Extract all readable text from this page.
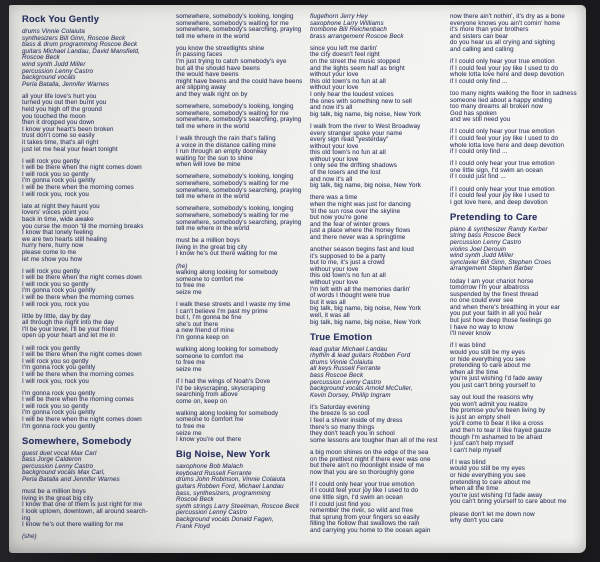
Rock You Gently
drums Vinnie Colaiuta
synthesizers Bill Ginn, Roscoe Beck
bass & drum programming Roscoe Beck
guitars Michael Landau, David Mansfield,
Roscoe Beck
wind synth Judd Miller
percussion Lenny Castro
background vocals
Perla Batalla, Jennifer Warnes
all your life love's hurt you
turned you out then burnt you
held you high off the ground
you touched the moon
then it dropped you down
I know your heart's been broken
trust don't come so easily
it takes time, that's all right
just let me heal your heart tonight
I will rock you gently
I will be there when the night comes down
I will rock you so gently
I'm gonna rock you gently
I will be there when the morning comes
I will rock you, rock you
late at night they haunt you
lovers' voices point you
back in time, wide awake
you curse the moon 'til the morning breaks
I know that lonely feeling
we are two hearts still healing
hurry here, hurry now
please come to me
let me show you how
I will rock you gently
I will be there when the night comes down
I will rock you so gently
I'm gonna rock you gently
I will be there when the morning comes
I will rock you, rock you
little by little, day by day
all through the night into the day
I'll be your lover, I'll be your friend
open up your heart and let me in
I will rock you gently
I will be there when the night comes down
I will rock you so gently
I'm gonna rock you gently
I will be there when the morning comes
I will rock you, rock you
I'm gonna rock you gently
I will be there when the morning comes
I will rock you so gently
I'm gonna rock you gently
I will be there when the night comes down
I'm gonna rock you gently
Somewhere, Somebody
guest duet vocal Max Carl
bass Jorge Calderon
percussion Lenny Castro
background vocals Max Carl,
Perla Batalla and Jennifer Warnes
must be a million boys
living in the great big city
I know that one of them is just right for me
I look uptown, downtown, all around search-
ing
I know he's out there waiting for me
(she)
somewhere, somebody's looking, longing
somewhere, somebody's waiting for me
somewhere, somebody's searching, praying
tell me where in the world
you know the streetlights shine
in passing faces
I'm just trying to catch somebody's eye
but all the should have beens
the would have beens
might have beens and the could have beens
are slipping away
and they walk right on by
somewhere, somebody's looking, longing
somewhere, somebody's waiting for me
somewhere, somebody's searching, praying
tell me where in the world
I walk through the rain that's falling
a voice in the distance calling mine
I run through an empty doorway
waiting for the sun to shine
when will love be mine
somewhere, somebody's looking, longing
somewhere, somebody's waiting for me
somewhere, somebody's searching, praying
tell me where in the world
somewhere, somebody's looking, longing
somewhere, somebody's waiting for me
somewhere, somebody's searching, praying
tell me where in the world
must be a million boys
living in the great big city
I know he's out there waiting for me
(he)
walking along looking for somebody
someone to comfort me
to free me
seize me
I walk these streets and I waste my time
I can't believe I'm past my prime
but I, I'm gonna be fine
she's out there
a new friend of mine
I'm gonna keep on
walking along looking for somebody
someone to comfort me
to free me
seize me
if I had the wings of Noah's Dove
I'd be skyscraping, skyscraping
searching from above
come on, keep on
walking along looking for somebody
someone to comfort me
to free me
seize me
I know you're out there
Big Noise, New York
saxophone Bob Malach
keyboard Russell Ferrante
drums John Robinson, Vinnie Colaiuta
guitars Robben Ford, Michael Landau
bass, synthesizers, programming
Roscoe Beck
synth strings Larry Steelman, Roscoe Beck
percussion Lenny Castro
background vocals Donald Fagen,
Frank Floyd
flugelhorn Jerry Hey
saxophone Larry Williams
trombone Bill Reichenbach
brass arrangement Roscoe Beck
since you left me darlin'
the city doesn't feel right
on the street the music stopped
and the lights seem half as bright
without your love
this old town's no fun at all
without your love
I only hear the loudest voices
the ones with something new to sell
and now it's all
big talk, big name, big noise, New York
I walk from the river to West Broadway
every stranger spoke your name
every sign read "yesterday"
without your love
this old town's no fun at all
without your love
I only see the drifting shadows
of the losers and the lost
and now it's all
big talk, big name, big noise, New York
there was a time
when the night was just for dancing
'til the sun rose over the skyline
but now you're gone
and the fear of winter grows
just a place where the money flows
and there never was a springtime
another season begins fast and loud
it's supposed to be a party
but to me, it's just a crowd
without your love
this old town's no fun at all
without your love
I'm left with all the memories darlin'
of words I thought were true
but it was all
big talk, big name, big noise, New York
well, it was all
big talk, big name, big noise, New York
True Emotion
lead guitar Michael Landau
rhythm & lead guitars Robben Ford
drums Vinnie Colaiuta
all keys Russell Ferrante
bass Roscoe Beck
percussion Lenny Castro
background vocals Arnold McCuller,
Kevin Dorsey, Phillip Ingram
it's Saturday evening
the breeze is so cool
I feel a shiver inside of my dress
there's so many things
they don't teach you in school
some lessons are tougher than all of the rest
a big moon shines on the edge of the sea
on the prettiest night if there ever was one
but there ain't no moonlight inside of me
now that you are so thoroughly gone
if I could only hear your true emotion
if I could feel your joy like I used to do
one little sign, I'd swim an ocean
if I could just find you
remember the river, so wild and free
that sprung from your fingers so easily
filling the hollow that swallows the rain
and carrying you home to the ocean again
now there ain't nothin', it's dry as a bone
everyone knows you ain't comin' home
it's more than your brothers
and sisters can bear
do you hear us all crying and sighing
and calling and calling
if I could only hear your true emotion
if I could feel your joy like I used to do
whole lotta love here and deep devotion
if I could only find ...
too many nights walking the floor in sadness
someone lied about a happy ending
too many dreams all broken now
God has spoken
and we still need you
if I could only hear your true emotion
if I could feel your joy like I used to do
whole lotta love here and deep devotion
if I could only find ...
if I could only hear your true emotion
one little sign, I'd swim an ocean
if I could just find ...
if I could only hear your true emotion
if I could feel your joy like I used to
I got love here, and deep devotion
Pretending to Care
piano & synthesizer Randy Kerber
string bass Roscoe Beck
percussion Lenny Castro
violins Joel Derouin
wind synth Judd Miller
synclavier Bill Ginn, Stephen Croes
arrangement Stephen Barber
today I am your chariot horse
tomorrow I'm your albatross
suspended by the finest thread
no one could ever see
and when there's breathing in your ear
you put your faith in all you hear
but just how deep those feelings go
I have no way to know
I'll never know
if I was blind
would you still be my eyes
or hide everything you see
pretending to care about me
when all the time
you're just wishing I'd fade away
you just can't bring yourself to
say out loud the reasons why
you won't admit you realize
the promise you've been living by
is just an empty shell
you'll come to bear it like a cross
and then to tear it like frayed gauze
though I'm ashamed to be afraid
I just can't help myself
I can't help myself
if I was blind
would you still be my eyes
or hide everything you see
pretending to care about me
when all the time
you're just wishing I'd fade away
you can't bring yourself to care about me
please don't let me down now
why don't you care
